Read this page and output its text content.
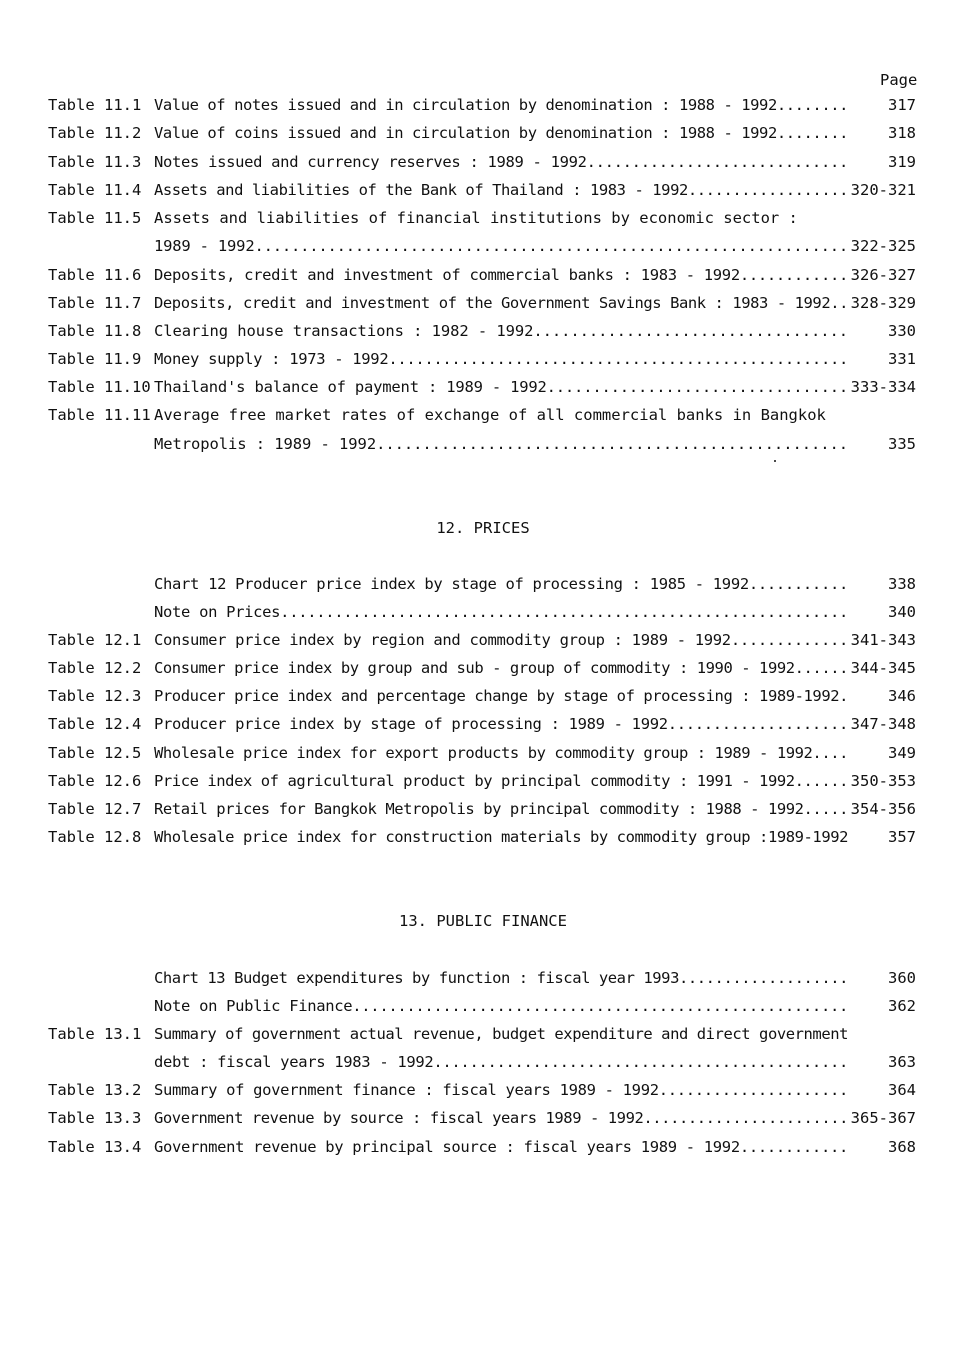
Page
Table 11.1 Value of notes issued and in circulation by denomination : 1988 - 1992........	317
Table 11.2 Value of coins issued and in circulation by denomination : 1988 - 1992........	318
Table 11.3 Notes issued and currency reserves : 1989 - 1992.............................	319
Table 11.4 Assets and liabilities of the Bank of Thailand : 1983 - 1992.................. 320-321
Table 11.5 Assets and liabilities of financial institutions by economic sector :
1989 - 1992................................................................. 322-325
Table 11.6 Deposits, credit and investment of commercial banks : 1983 - 1992............ 326-327
Table 11.7 Deposits, credit and investment of the Government Savings Bank : 1983 - 1992.. 328-329
Table 11.8 Clearing house transactions : 1982 - 1992..................................	330
Table 11.9 Money supply : 1973 - 1992...................................................	331
Table 11.10 Thailand's balance of payment : 1989 - 1992................................. 333-334
Table 11.11 Average free market rates of exchange of all commercial banks in Bangkok
Metropolis : 1989 - 1992...................................................	335
12. PRICES
Chart 12 Producer price index by stage of processing : 1985 - 1992...........	338
Note on Prices...............................................................	340
Table 12.1 Consumer price index by region and commodity group : 1989 - 1992............. 341-343
Table 12.2 Consumer price index by group and sub - group of commodity : 1990 - 1992...... 344-345
Table 12.3 Producer price index and percentage change by stage of processing : 1989-1992.	346
Table 12.4 Producer price index by stage of processing : 1989 - 1992.................... 347-348
Table 12.5 Wholesale price index for export products by commodity group : 1989 - 1992....	349
Table 12.6 Price index of agricultural product by principal commodity : 1991 - 1992...... 350-353
Table 12.7 Retail prices for Bangkok Metropolis by principal commodity : 1988 - 1992..... 354-356
Table 12.8 Wholesale price index for construction materials by commodity group :1989-1992	357
13. PUBLIC FINANCE
Chart 13 Budget expenditures by function : fiscal year 1993...................	360
Note on Public Finance.......................................................	362
Table 13.1 Summary of government actual revenue, budget expenditure and direct government
debt : fiscal years 1983 - 1992..............................................	363
Table 13.2 Summary of government finance : fiscal years 1989 - 1992.....................	364
Table 13.3 Government revenue by source : fiscal years 1989 - 1992....................... 365-367
Table 13.4 Government revenue by principal source : fiscal years 1989 - 1992............	368
